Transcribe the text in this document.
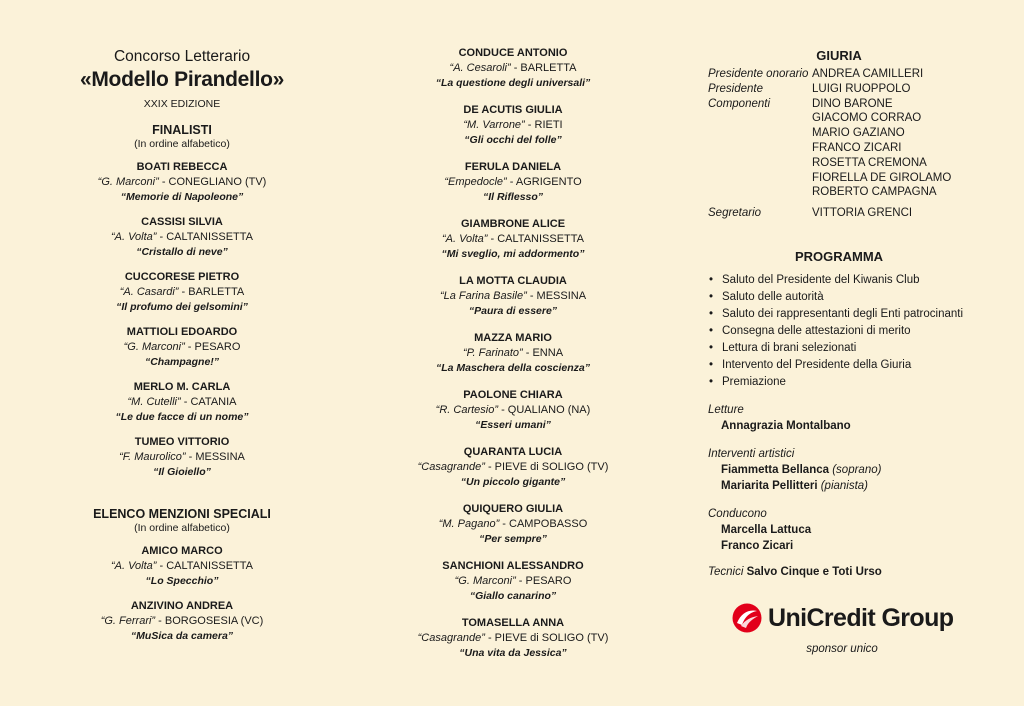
Concorso Letterario
«Modello Pirandello»
XXIX EDIZIONE
FINALISTI
(In ordine alfabetico)
BOATI REBECCA
“G. Marconi” - CONEGLIANO (TV)
“Memorie di Napoleone”
CASSISI SILVIA
“A. Volta” - CALTANISSETTA
“Cristallo di neve”
CUCCORESE PIETRO
“A. Casardi” - BARLETTA
“Il profumo dei gelsomini”
MATTIOLI EDOARDO
“G. Marconi” - PESARO
“Champagne!”
MERLO M. CARLA
“M. Cutelli” - CATANIA
“Le due facce di un nome”
TUMEO VITTORIO
“F. Maurolico” - MESSINA
“Il Gioiello”
ELENCO MENZIONI SPECIALI
(In ordine alfabetico)
AMICO MARCO
“A. Volta” - CALTANISSETTA
“Lo Specchio”
ANZIVINO ANDREA
“G. Ferrari” - BORGOSESIA (VC)
“MuSica da camera”
CONDUCE ANTONIO
“A. Cesaroli” - BARLETTA
“La questione degli universali”
DE ACUTIS GIULIA
“M. Varrone” - RIETI
“Gli occhi del folle”
FERULA DANIELA
“Empedocle” - AGRIGENTO
“Il Riflesso”
GIAMBRONE ALICE
“A. Volta” - CALTANISSETTA
“Mi sveglio, mi addormento”
LA MOTTA CLAUDIA
“La Farina Basile” - MESSINA
“Paura di essere”
MAZZA MARIO
“P. Farinato” - ENNA
“La Maschera della coscienza”
PAOLONE CHIARA
“R. Cartesio” - QUALIANO (NA)
“Esseri umani”
QUARANTA LUCIA
“Casagrande” - PIEVE di SOLIGO (TV)
“Un piccolo gigante”
QUIQUERO GIULIA
“M. Pagano” - CAMPOBASSO
“Per sempre”
SANCHIONI ALESSANDRO
“G. Marconi” - PESARO
“Giallo canarino”
TOMASELLA ANNA
“Casagrande” - PIEVE di SOLIGO (TV)
“Una vita da Jessica”
GIURIA
Presidente onorario ANDREA CAMILLERI
Presidente	LUIGI RUOPPOLO
Componenti	DINO BARONE
GIACOMO CORRAO
MARIO GAZIANO
FRANCO ZICARI
ROSETTA CREMONA
FIORELLA DE GIROLAMO
ROBERTO CAMPAGNA
Segretario	VITTORIA GRENCI
PROGRAMMA
• Saluto del Presidente del Kiwanis Club
• Saluto delle autorità
• Saluto dei rappresentanti degli Enti patrocinanti
• Consegna delle attestazioni di merito
• Lettura di brani selezionati
• Intervento del Presidente della Giuria
• Premiazione
Letture
Annagrazia Montalbano
Interventi artistici
Fiammetta Bellanca (soprano)
Mariarita Pellitteri (pianista)
Conducono
Marcella Lattuca
Franco Zicari
Tecnici Salvo Cinque e Toti Urso
UniCredit Group
sponsor unico
